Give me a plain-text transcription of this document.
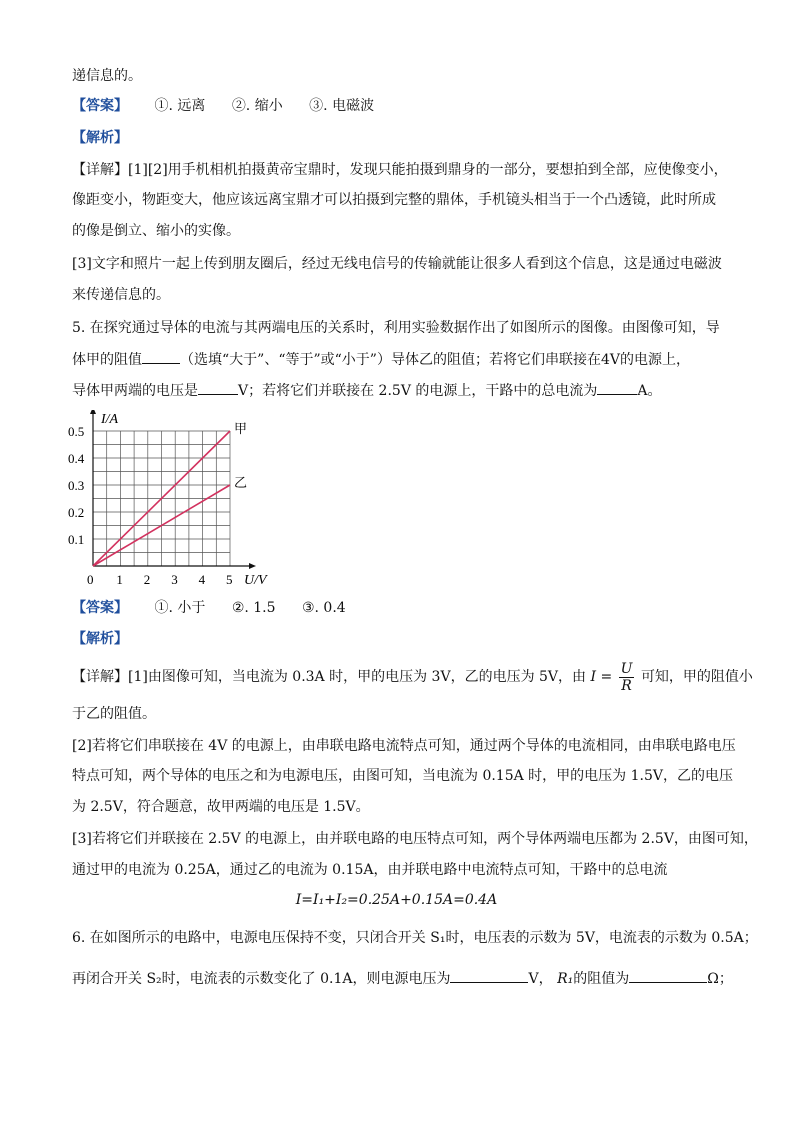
递信息的。
【答案】 ①. 远离 ②. 缩小 ③. 电磁波
【解析】
【详解】[1][2]用手机相机拍摄黄帝宝鼎时，发现只能拍摄到鼎身的一部分，要想拍到全部，应使像变小，
像距变小，物距变大，他应该远离宝鼎才可以拍摄到完整的鼎体，手机镜头相当于一个凸透镜，此时所成
的像是倒立、缩小的实像。
[3]文字和照片一起上传到朋友圈后，经过无线电信号的传输就能让很多人看到这个信息，这是通过电磁波
来传递信息的。
5. 在探究通过导体的电流与其两端电压的关系时，利用实验数据作出了如图所示的图像。由图像可知，导
体甲的阻值	（选填“大于”、“等于”或“小于”）导体乙的阻值；若将它们串联接在4V的电源上，
导体甲两端的电压是	V；若将它们并联接在 2.5V 的电源上，干路中的总电流为	A。
U/V
I/A
0 1 2 3 4 5
0.1
0.2
0.3
0.4
0.5	甲
乙
【答案】 ①. 小于 ②. 1.5 ③. 0.4
【解析】
【详解】[1]由图像可知，当电流为 0.3A 时，甲的电压为 3V，乙的电压为 5V，由 $I = \frac{U}{R}$ 可知，甲的阻值小
于乙的阻值。
[2]若将它们串联接在 4V 的电源上，由串联电路电流特点可知，通过两个导体的电流相同，由串联电路电压
特点可知，两个导体的电压之和为电源电压，由图可知，当电流为 0.15A 时，甲的电压为 1.5V，乙的电压
为 2.5V，符合题意，故甲两端的电压是 1.5V。
[3]若将它们并联接在 2.5V 的电源上，由并联电路的电压特点可知，两个导体两端电压都为 2.5V，由图可知，
通过甲的电流为 0.25A，通过乙的电流为 0.15A，由并联电路中电流特点可知，干路中的总电流
I=I₁+I₂=0.25A+0.15A=0.4A
6. 在如图所示的电路中，电源电压保持不变，只闭合开关 S₁时，电压表的示数为 5V，电流表的示数为 0.5A；
再闭合开关 S₂时，电流表的示数变化了 0.1A，则电源电压为	V， R₁的阻值为	Ω；
